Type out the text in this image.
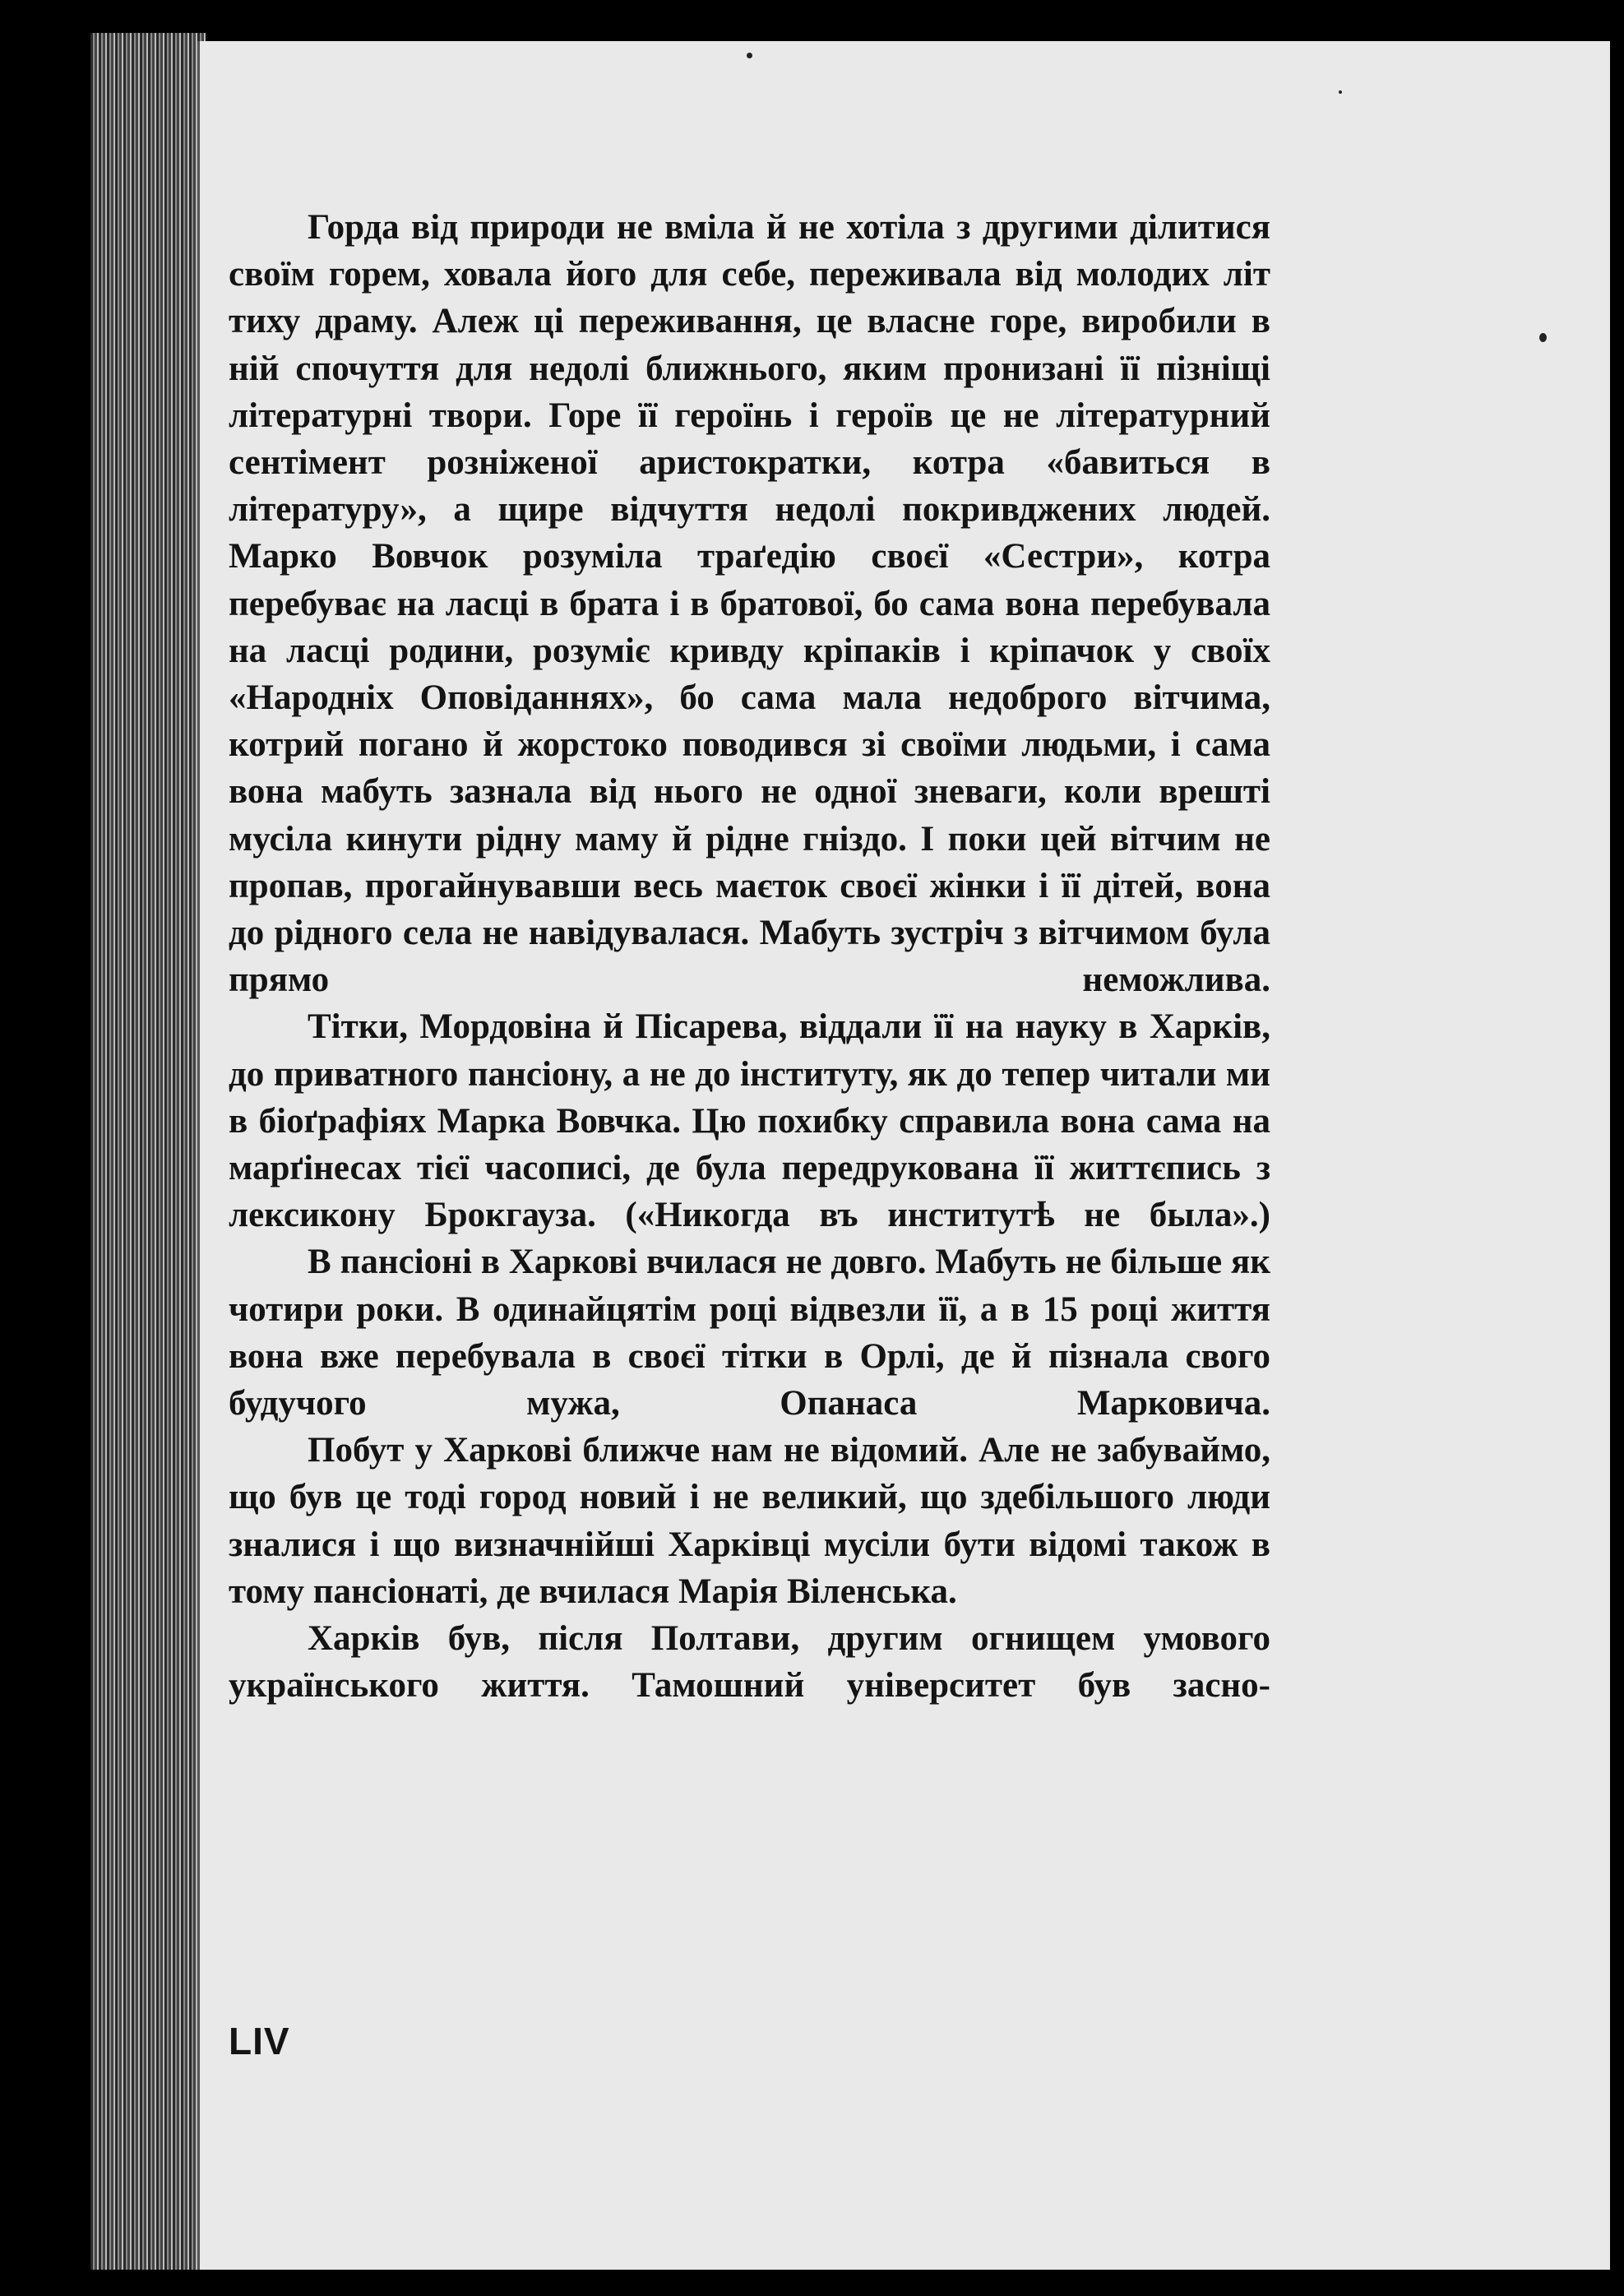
Горда від природи не вміла й не хотіла з другими ділитися своїм горем, ховала його для себе, переживала від молодих літ тиху драму. Алеж ці переживання, це власне горе, виробили в ній спочуття для недолі ближнього, яким пронизані її пізніщі літературні твори. Горе її героїнь і героїв це не літературний сентімент розніженої аристократки, котра «бавиться в літературу», а щире відчуття недолі покривджених людей. Марко Вовчок розуміла траґедію своєї «Сестри», котра перебуває на ласці в брата і в братової, бо сама вона перебувала на ласці родини, розуміє кривду кріпаків і кріпачок у своїх «Народніх Оповіданнях», бо сама мала недоброго вітчима, котрий погано й жорстоко поводився зі своїми людьми, і сама вона мабуть зазнала від нього не одної зневаги, коли врешті мусіла кинути рідну маму й рідне гніздо. І поки цей вітчим не пропав, прогайнувавши весь маєток своєї жінки і її дітей, вона до рідного села не навідувалася. Мабуть зустріч з вітчимом була прямо неможлива.

Тітки, Мордовіна й Пісарева, віддали її на науку в Харків, до приватного пансіону, а не до інституту, як до тепер читали ми в біоґрафіях Марка Вовчка. Цю похибку справила вона сама на марґінесах тієї часописі, де була передрукована її життєпись з лексикону Брокгауза. («Никогда въ институтѣ не была».)

В пансіоні в Харкові вчилася не довго. Мабуть не більше як чотири роки. В одинайцятім році відвезли її, а в 15 році життя вона вже перебувала в своєї тітки в Орлі, де й пізнала свого будучого мужа, Опанаса Марковича.

Побут у Харкові ближче нам не відомий. Але не забуваймо, що був це тоді город новий і не великий, що здебільшого люди зналися і що визначнійші Харківці мусіли бути відомі також в тому пансіонаті, де вчилася Марія Віленська.

Харків був, після Полтави, другим огнищем умового українського життя. Тамошний університет був засно-

LIV
